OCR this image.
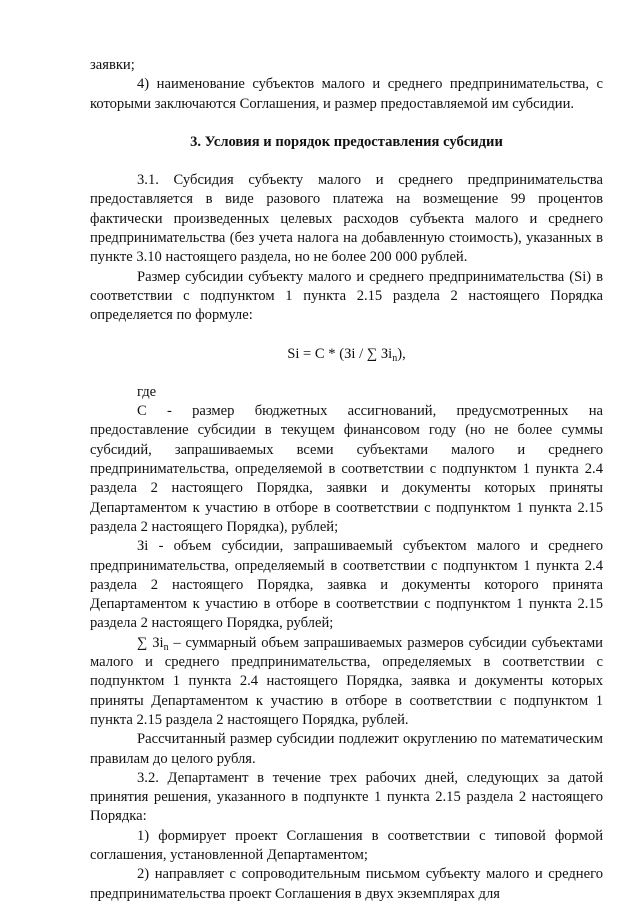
заявки;

4) наименование субъектов малого и среднего предпринимательства, с которыми заключаются Соглашения, и размер предоставляемой им субсидии.

3. Условия и порядок предоставления субсидии

3.1. Субсидия субъекту малого и среднего предпринимательства предоставляется в виде разового платежа на возмещение 99 процентов фактически произведенных целевых расходов субъекта малого и среднего предпринимательства (без учета налога на добавленную стоимость), указанных в пункте 3.10 настоящего раздела, но не более 200 000 рублей.

Размер субсидии субъекту малого и среднего предпринимательства (Si) в соответствии с подпунктом 1 пункта 2.15 раздела 2 настоящего Порядка определяется по формуле:

Si = C * (Зi / ∑ $Зi_n$),

где

С - размер бюджетных ассигнований, предусмотренных на предоставление субсидии в текущем финансовом году (но не более суммы субсидий, запрашиваемых всеми субъектами малого и среднего предпринимательства, определяемой в соответствии с подпунктом 1 пункта 2.4 раздела 2 настоящего Порядка, заявки и документы которых приняты Департаментом к участию в отборе в соответствии с подпунктом 1 пункта 2.15 раздела 2 настоящего Порядка), рублей;

Зi - объем субсидии, запрашиваемый субъектом малого и среднего предпринимательства, определяемый в соответствии с подпунктом 1 пункта 2.4 раздела 2 настоящего Порядка, заявка и документы которого принята Департаментом к участию в отборе в соответствии с подпунктом 1 пункта 2.15 раздела 2 настоящего Порядка, рублей;

∑ $Зi_n$ – суммарный объем запрашиваемых размеров субсидии субъектами малого и среднего предпринимательства, определяемых в соответствии с подпунктом 1 пункта 2.4 настоящего Порядка, заявка и документы которых приняты Департаментом к участию в отборе в соответствии с подпунктом 1 пункта 2.15 раздела 2 настоящего Порядка, рублей.

Рассчитанный размер субсидии подлежит округлению по математическим правилам до целого рубля.

3.2. Департамент в течение трех рабочих дней, следующих за датой принятия решения, указанного в подпункте 1 пункта 2.15 раздела 2 настоящего Порядка:

1) формирует проект Соглашения в соответствии с типовой формой соглашения, установленной Департаментом;

2) направляет с сопроводительным письмом субъекту малого и среднего предпринимательства проект Соглашения в двух экземплярах для
